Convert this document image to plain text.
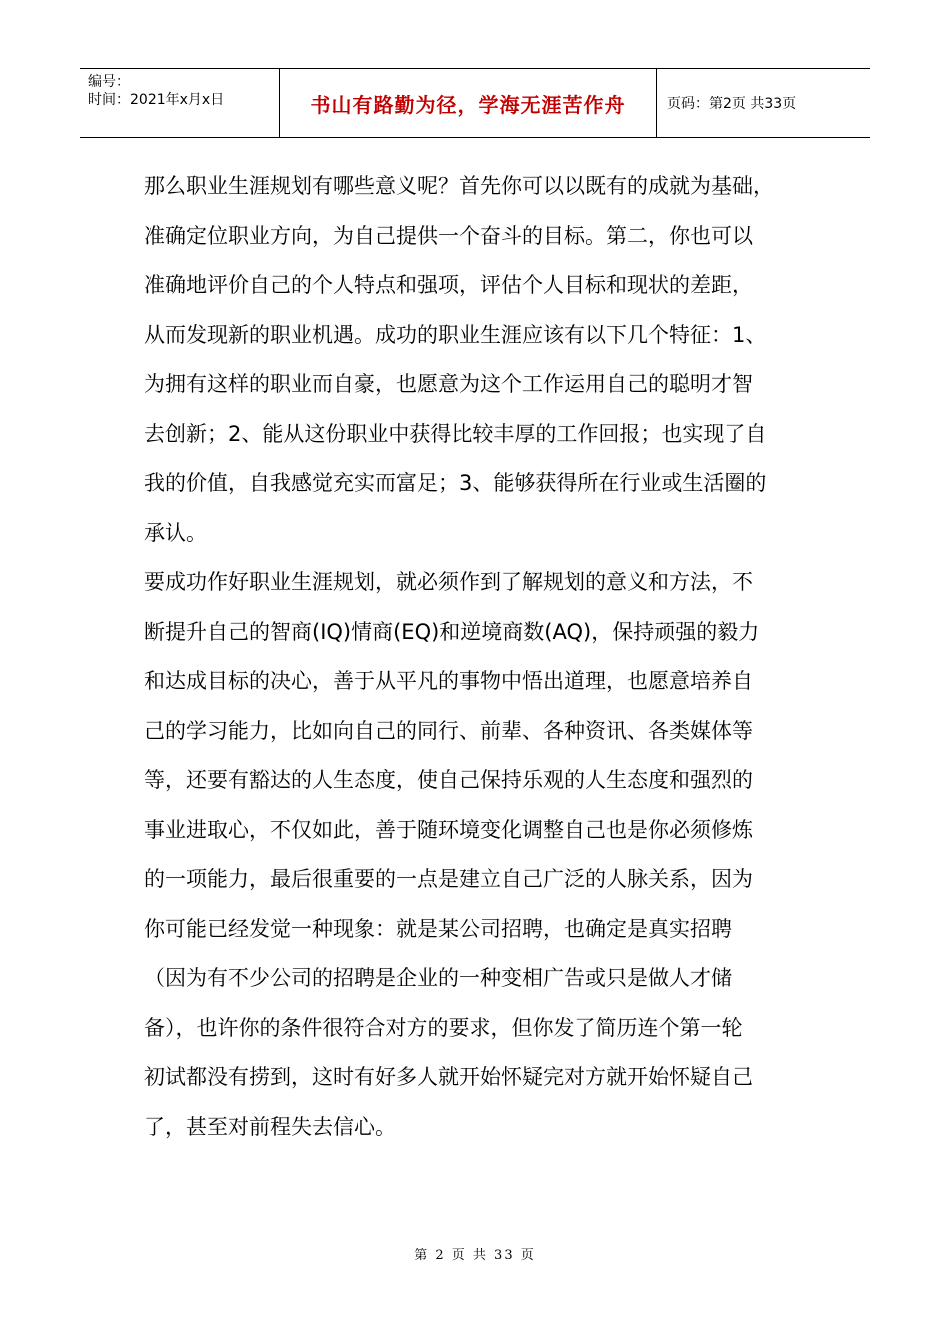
编号：
时间：2021年x月x日	书山有路勤为径，学海无涯苦作舟	页码：第2页 共33页
那么职业生涯规划有哪些意义呢？首先你可以以既有的成就为基础，
准确定位职业方向，为自己提供一个奋斗的目标。第二，你也可以
准确地评价自己的个人特点和强项，评估个人目标和现状的差距，
从而发现新的职业机遇。成功的职业生涯应该有以下几个特征：1、
为拥有这样的职业而自豪，也愿意为这个工作运用自己的聪明才智
去创新；2、能从这份职业中获得比较丰厚的工作回报；也实现了自
我的价值，自我感觉充实而富足；3、能够获得所在行业或生活圈的
承认。
要成功作好职业生涯规划，就必须作到了解规划的意义和方法，不
断提升自己的智商(IQ)情商(EQ)和逆境商数(AQ)，保持顽强的毅力
和达成目标的决心，善于从平凡的事物中悟出道理，也愿意培养自
己的学习能力，比如向自己的同行、前辈、各种资讯、各类媒体等
等，还要有豁达的人生态度，使自己保持乐观的人生态度和强烈的
事业进取心，不仅如此，善于随环境变化调整自己也是你必须修炼
的一项能力，最后很重要的一点是建立自己广泛的人脉关系，因为
你可能已经发觉一种现象：就是某公司招聘，也确定是真实招聘
（因为有不少公司的招聘是企业的一种变相广告或只是做人才储
备），也许你的条件很符合对方的要求，但你发了简历连个第一轮
初试都没有捞到，这时有好多人就开始怀疑完对方就开始怀疑自己
了，甚至对前程失去信心。
第 2 页 共 33 页
